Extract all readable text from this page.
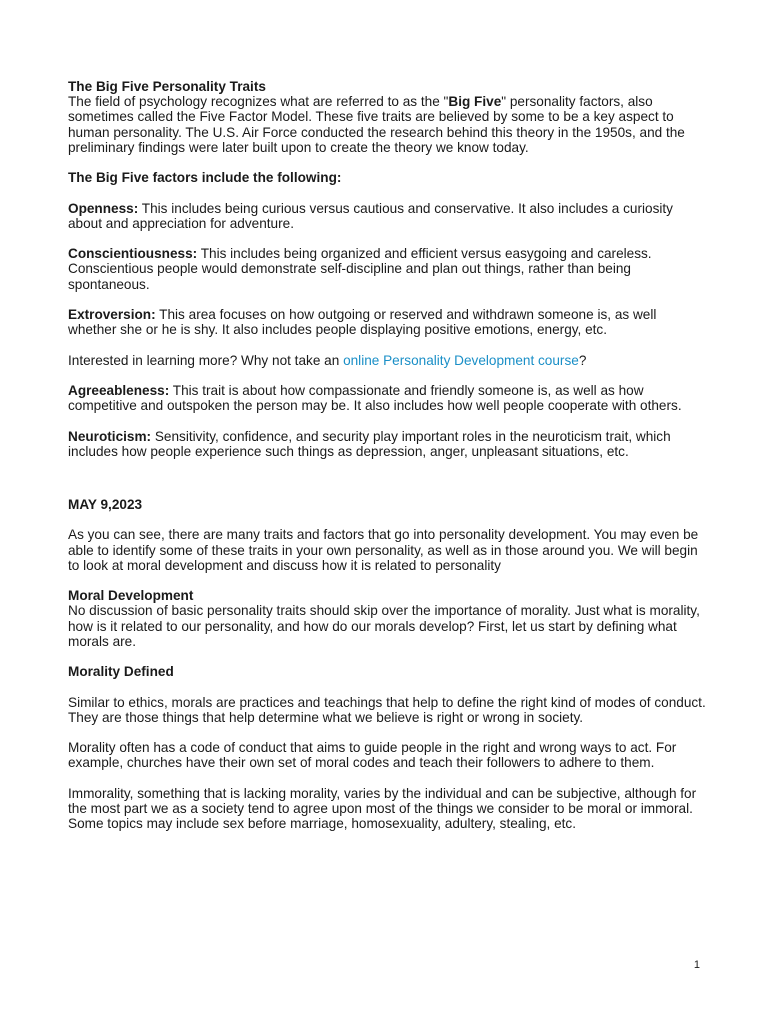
The Big Five Personality Traits
The field of psychology recognizes what are referred to as the "Big Five" personality factors, also sometimes called the Five Factor Model. These five traits are believed by some to be a key aspect to human personality. The U.S. Air Force conducted the research behind this theory in the 1950s, and the preliminary findings were later built upon to create the theory we know today.

The Big Five factors include the following:

Openness: This includes being curious versus cautious and conservative. It also includes a curiosity about and appreciation for adventure.

Conscientiousness: This includes being organized and efficient versus easygoing and careless. Conscientious people would demonstrate self-discipline and plan out things, rather than being spontaneous.

Extroversion: This area focuses on how outgoing or reserved and withdrawn someone is, as well whether she or he is shy. It also includes people displaying positive emotions, energy, etc.

Interested in learning more? Why not take an online Personality Development course?

Agreeableness: This trait is about how compassionate and friendly someone is, as well as how competitive and outspoken the person may be. It also includes how well people cooperate with others.

Neuroticism: Sensitivity, confidence, and security play important roles in the neuroticism trait, which includes how people experience such things as depression, anger, unpleasant situations, etc.

MAY 9,2023

As you can see, there are many traits and factors that go into personality development. You may even be able to identify some of these traits in your own personality, as well as in those around you. We will begin to look at moral development and discuss how it is related to personality

Moral Development
No discussion of basic personality traits should skip over the importance of morality. Just what is morality, how is it related to our personality, and how do our morals develop? First, let us start by defining what morals are.

Morality Defined

Similar to ethics, morals are practices and teachings that help to define the right kind of modes of conduct. They are those things that help determine what we believe is right or wrong in society.

Morality often has a code of conduct that aims to guide people in the right and wrong ways to act. For example, churches have their own set of moral codes and teach their followers to adhere to them.

Immorality, something that is lacking morality, varies by the individual and can be subjective, although for the most part we as a society tend to agree upon most of the things we consider to be moral or immoral. Some topics may include sex before marriage, homosexuality, adultery, stealing, etc.

1
